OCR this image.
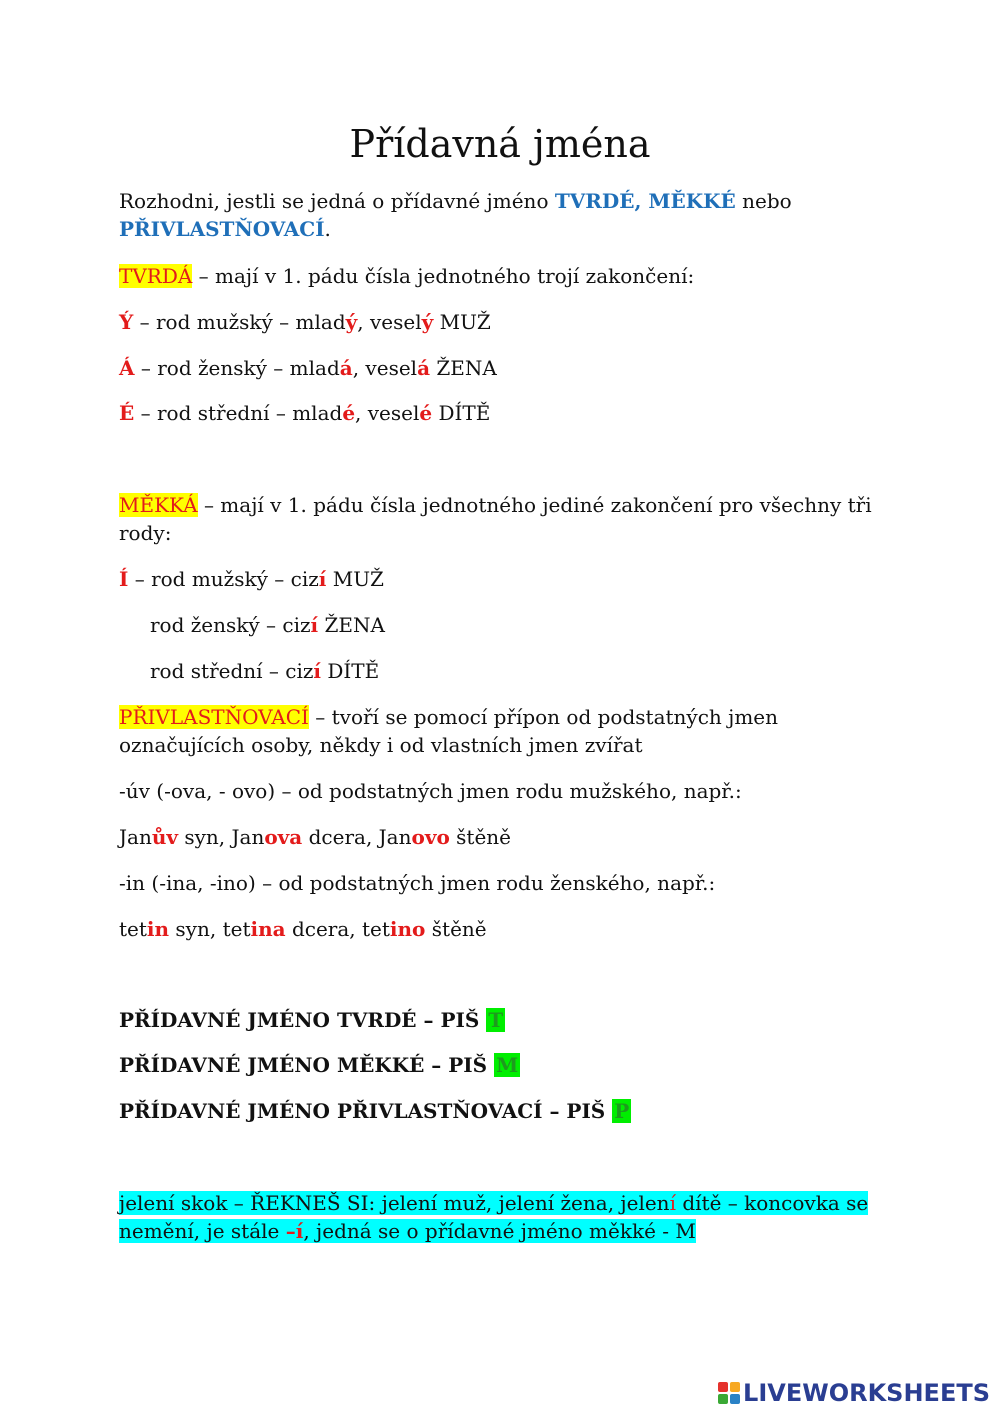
Přídavná jména
Rozhodni, jestli se jedná o přídavné jméno TVRDÉ, MĚKKÉ nebo
PŘIVLASTŇOVACÍ.
TVRDÁ – mají v 1. pádu čísla jednotného trojí zakončení:
Ý – rod mužský – mladý, veselý MUŽ
Á – rod ženský – mladá, veselá ŽENA
É – rod střední – mladé, veselé DÍTĚ
MĚKKÁ – mají v 1. pádu čísla jednotného jediné zakončení pro všechny tři
rody:
Í – rod mužský – cizí MUŽ
rod ženský – cizí ŽENA
rod střední – cizí DÍTĚ
PŘIVLASTŇOVACÍ – tvoří se pomocí přípon od podstatných jmen
označujících osoby, někdy i od vlastních jmen zvířat
-úv (-ova, - ovo) – od podstatných jmen rodu mužského, např.:
Janův syn, Janova dcera, Janovo štěně
-in (-ina, -ino) – od podstatných jmen rodu ženského, např.:
tetin syn, tetina dcera, tetino štěně
PŘÍDAVNÉ JMÉNO TVRDÉ – PIŠ T
PŘÍDAVNÉ JMÉNO MĚKKÉ – PIŠ M
PŘÍDAVNÉ JMÉNO PŘIVLASTŇOVACÍ – PIŠ P
jelení skok – ŘEKNEŠ SI: jelení muž, jelení žena, jelení dítě – koncovka se
nemění, je stále –í, jedná se o přídavné jméno měkké - M
LIVEWORKSHEETS
